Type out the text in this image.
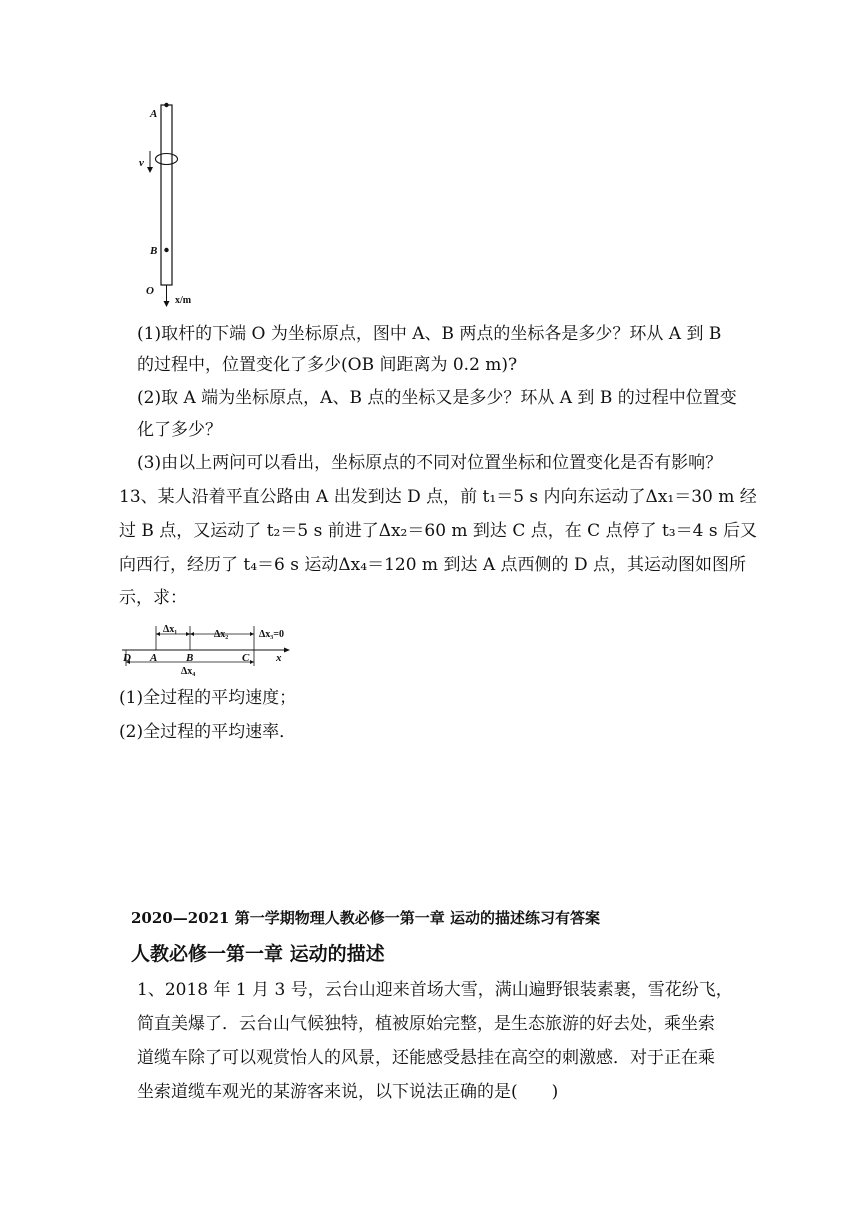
A
v
B
O
x/m
(1)取杆的下端 O 为坐标原点，图中 A、B 两点的坐标各是多少？环从 A 到 B
的过程中，位置变化了多少(OB 间距离为 0.2 m)?
(2)取 A 端为坐标原点，A、B 点的坐标又是多少？环从 A 到 B 的过程中位置变
化了多少？
(3)由以上两问可以看出，坐标原点的不同对位置坐标和位置变化是否有影响？
13、某人沿着平直公路由 A 出发到达 D 点，前 t₁＝5 s 内向东运动了Δx₁＝30 m 经
过 B 点，又运动了 t₂＝5 s 前进了Δx₂＝60 m 到达 C 点，在 C 点停了 t₃＝4 s 后又
向西行，经历了 t₄＝6 s 运动Δx₄＝120 m 到达 A 点西侧的 D 点，其运动图如图所
示，求：
Δx₁	Δx₂	Δx₃=0
D A	B	C x
Δx₄
(1)全过程的平均速度；
(2)全过程的平均速率．
2020—2021 第一学期物理人教必修一第一章 运动的描述练习有答案
人教必修一第一章 运动的描述
1、2018 年 1 月 3 号，云台山迎来首场大雪，满山遍野银装素裹，雪花纷飞，
简直美爆了．云台山气候独特，植被原始完整，是生态旅游的好去处，乘坐索
道缆车除了可以观赏怡人的风景，还能感受悬挂在高空的刺激感．对于正在乘
坐索道缆车观光的某游客来说，以下说法正确的是(　　)
